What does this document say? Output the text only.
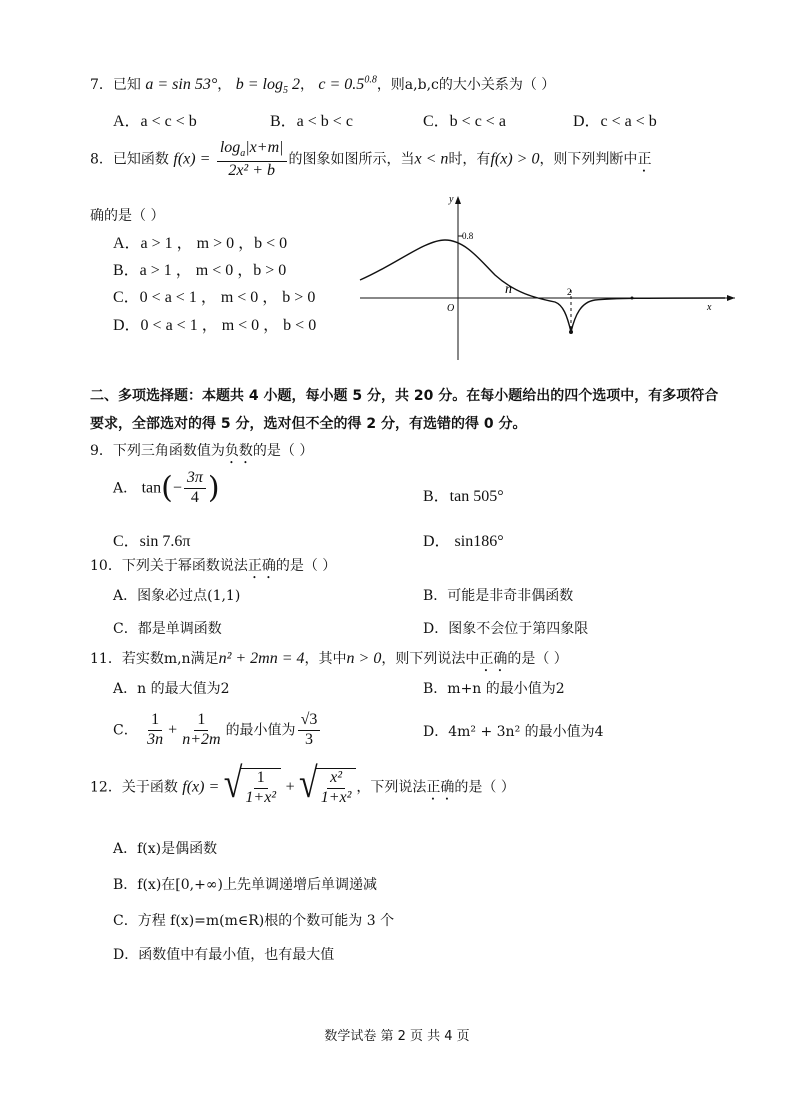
7．已知 a = sin 53°， $b = \log_5 2$， $c = 0.5^{0.8}$，则a,b,c的大小关系为（ ）
A．a < c < b	B．a < b < c	C．b < c < a	D．c < a < b
8．已知函数 $f(x) = \frac{\log_a|x+m|}{\text{2x² + b}}$ 的图象如图所示，当x < n时，有f(x) > 0，则下列判断中正
确的是（ ）
A．a > 1 ， m > 0 ，b < 0
B．a > 1 ， m < 0 ，b > 0
C．0 < a < 1 ， m < 0 ， b > 0
D．0 < a < 1 ， m < 0 ， b < 0
y
x
O
0.8
n	2
二、多项选择题：本题共 4 小题，每小题 5 分，共 20 分。在每小题给出的四个选项中，有多项符合要求，全部选对的得 5 分，选对但不全的得 2 分，有选错的得 0 分。
9．下列三角函数值为负数的是（ ）
A． $\tan(- \frac{3\pi}{4}$ )	B．tan 505°
C．sin 7.6π	D． sin186°
10．下列关于幂函数说法正确的是（ ）
A．图象必过点(1,1)	B．可能是非奇非偶函数
C．都是单调函数	D．图象不会位于第四象限
11．若实数m,n满足n² + 2mn = 4，其中n > 0，则下列说法中正确的是（ ）
A．n 的最大值为2	B．m+n 的最小值为2
C． $\frac{1}{3n} + \frac{1}{n+2m}$ 的最小值为 $\frac{√3}{3}$	D．4m² + 3n² 的最小值为4
12．关于函数 f(x) = √ $\frac{1}{\text{1+x²}}$ + √ $\frac{\text{x²}}{\text{1+x²}}$ ，下列说法正确的是（ ）
A．f(x)是偶函数
B．f(x)在[0,+∞)上先单调递增后单调递减
C．方程 f(x)=m(m∈R)根的个数可能为 3 个
D．函数值中有最小值，也有最大值
数学试卷 第 2 页 共 4 页
